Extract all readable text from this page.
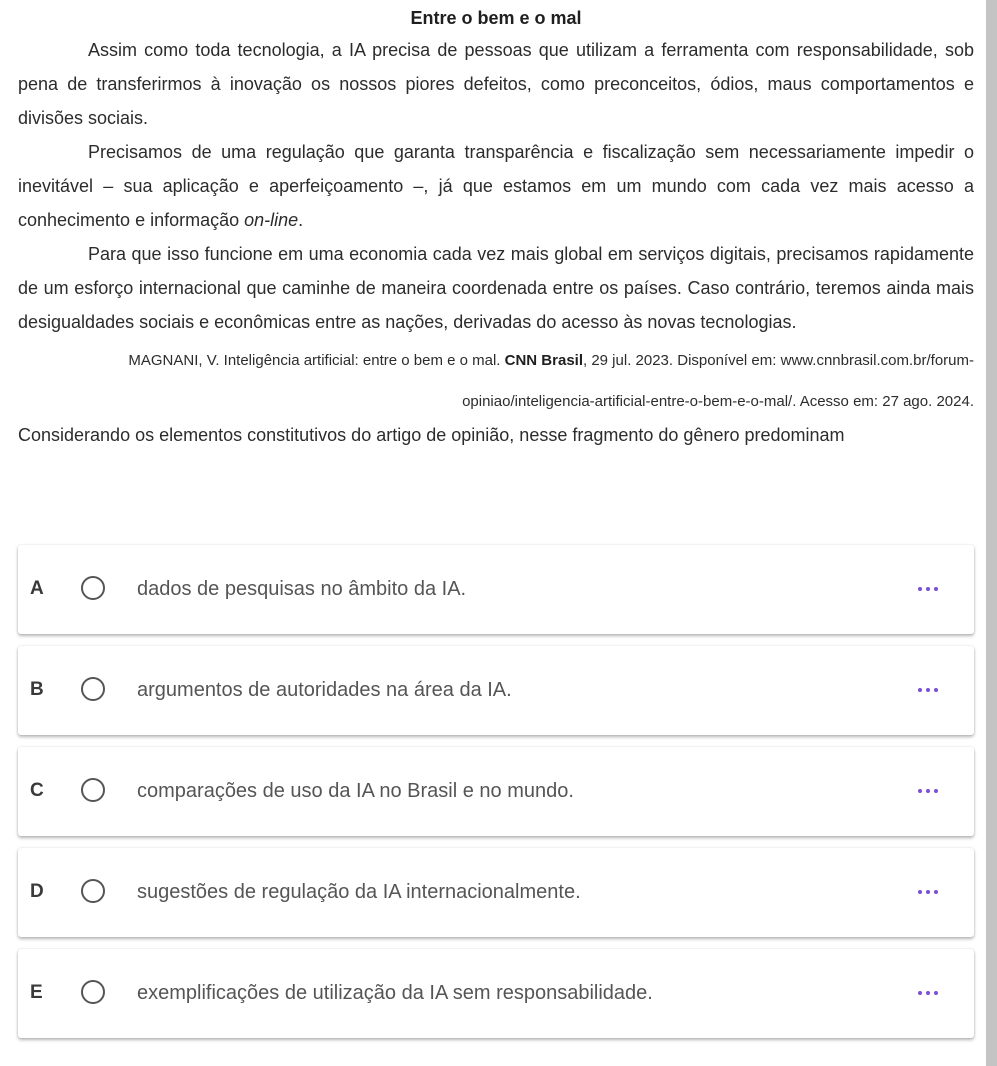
Entre o bem e o mal

Assim como toda tecnologia, a IA precisa de pessoas que utilizam a ferramenta com responsabilidade, sob pena de transferirmos à inovação os nossos piores defeitos, como preconceitos, ódios, maus comportamentos e divisões sociais.

Precisamos de uma regulação que garanta transparência e fiscalização sem necessariamente impedir o inevitável – sua aplicação e aperfeiçoamento –, já que estamos em um mundo com cada vez mais acesso a conhecimento e informação on-line.

Para que isso funcione em uma economia cada vez mais global em serviços digitais, precisamos rapidamente de um esforço internacional que caminhe de maneira coordenada entre os países. Caso contrário, teremos ainda mais desigualdades sociais e econômicas entre as nações, derivadas do acesso às novas tecnologias.

MAGNANI, V. Inteligência artificial: entre o bem e o mal. CNN Brasil, 29 jul. 2023. Disponível em: www.cnnbrasil.com.br/forum-

opiniao/inteligencia-artificial-entre-o-bem-e-o-mal/. Acesso em: 27 ago. 2024.

Considerando os elementos constitutivos do artigo de opinião, nesse fragmento do gênero predominam

A	dados de pesquisas no âmbito da IA.
B	argumentos de autoridades na área da IA.
C	comparações de uso da IA no Brasil e no mundo.
D	sugestões de regulação da IA internacionalmente.
E	exemplificações de utilização da IA sem responsabilidade.
